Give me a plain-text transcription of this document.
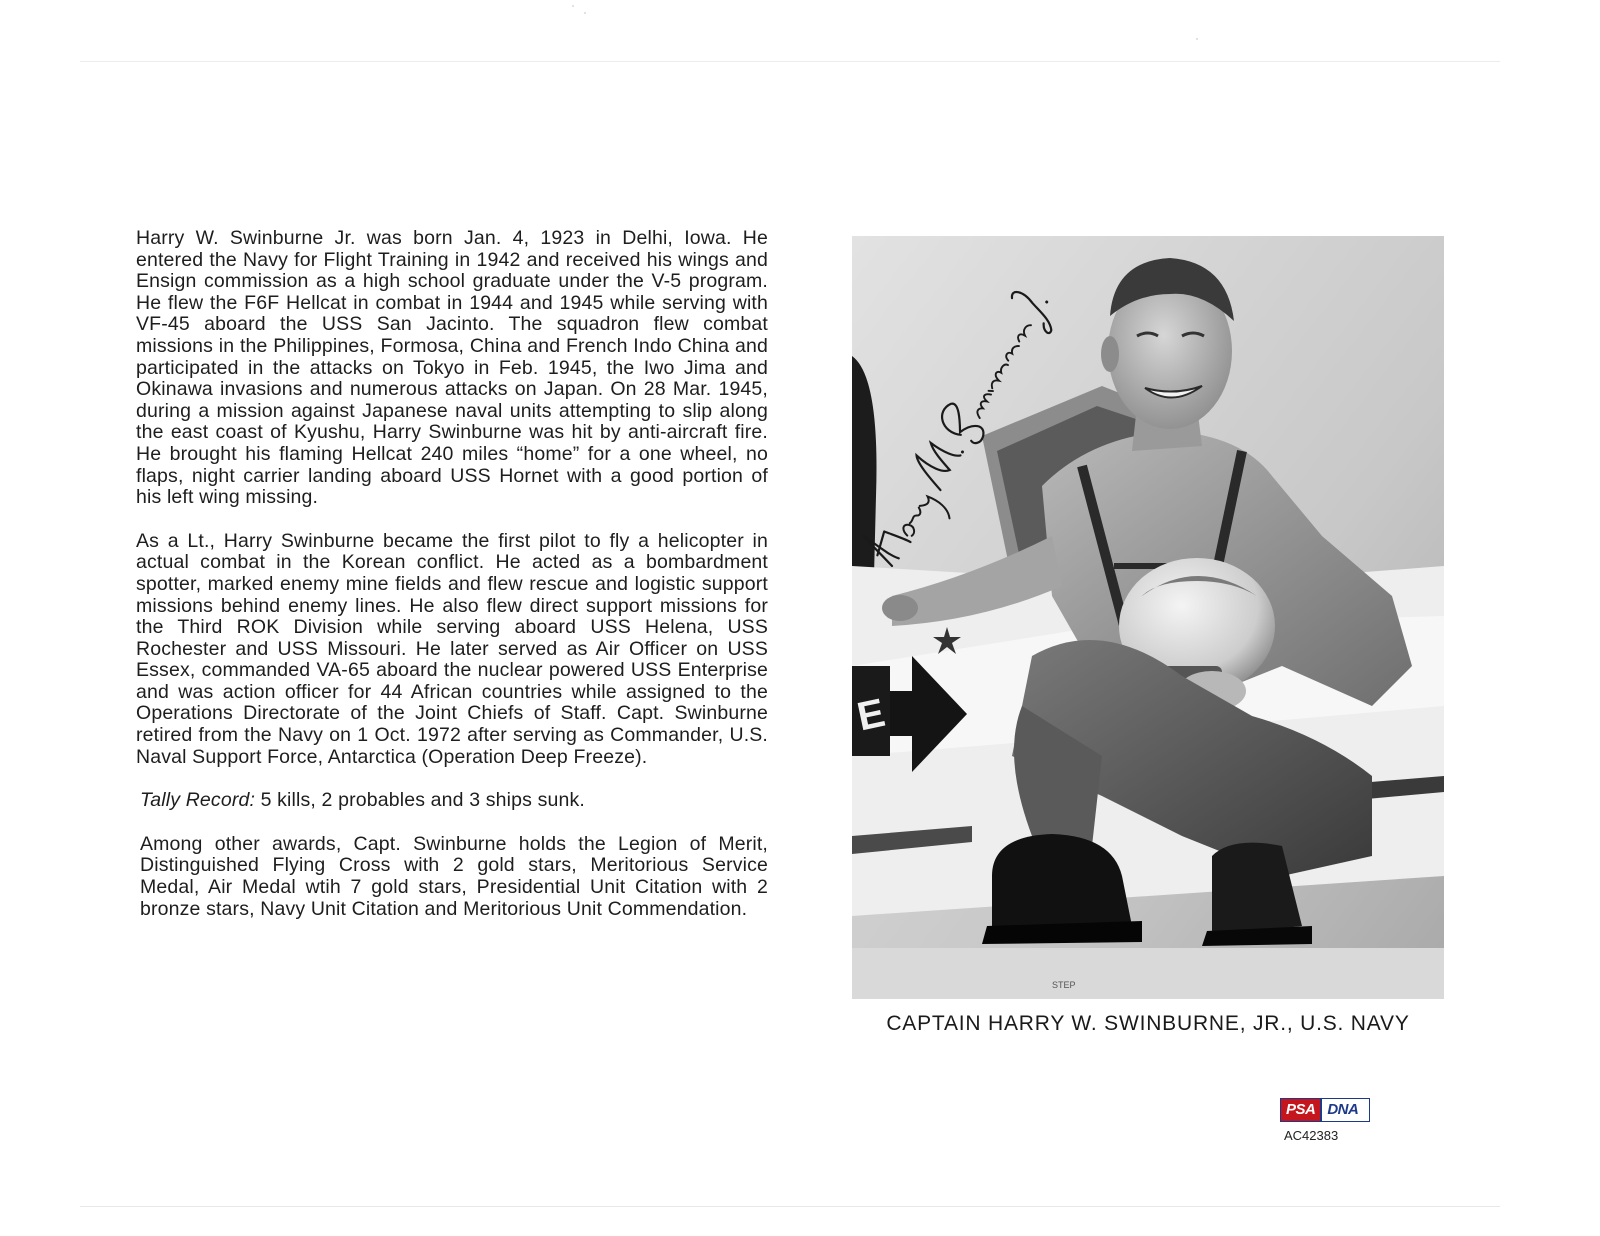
Harry W. Swinburne Jr. was born Jan. 4, 1923 in Delhi, Iowa. He entered the Navy for Flight Training in 1942 and received his wings and Ensign commission as a high school graduate under the V-5 program. He flew the F6F Hellcat in combat in 1944 and 1945 while serving with VF-45 aboard the USS San Jacinto. The squadron flew combat missions in the Philippines, Formosa, China and French Indo China and participated in the attacks on Tokyo in Feb. 1945, the Iwo Jima and Okinawa invasions and numerous attacks on Japan. On 28 Mar. 1945, during a mission against Japanese naval units attempting to slip along the east coast of Kyushu, Harry Swinburne was hit by anti-aircraft fire. He brought his flaming Hellcat 240 miles “home” for a one wheel, no flaps, night carrier landing aboard USS Hornet with a good portion of his left wing missing.

As a Lt., Harry Swinburne became the first pilot to fly a helicopter in actual combat in the Korean conflict. He acted as a bombardment spotter, marked enemy mine fields and flew rescue and logistic support missions behind enemy lines. He also flew direct support missions for the Third ROK Division while serving aboard USS Helena, USS Rochester and USS Missouri. He later served as Air Officer on USS Essex, commanded VA-65 aboard the nuclear powered USS Enterprise and was action officer for 44 African countries while assigned to the Operations Directorate of the Joint Chiefs of Staff. Capt. Swinburne retired from the Navy on 1 Oct. 1972 after serving as Commander, U.S. Naval Support Force, Antarctica (Operation Deep Freeze).

Tally Record: 5 kills, 2 probables and 3 ships sunk.

Among other awards, Capt. Swinburne holds the Legion of Merit, Distinguished Flying Cross with 2 gold stars, Meritorious Service Medal, Air Medal wtih 7 gold stars, Presidential Unit Citation with 2 bronze stars, Navy Unit Citation and Meritorious Unit Commendation.

E
STEP
CAPTAIN HARRY W. SWINBURNE, JR., U.S. NAVY
PSA DNA
AC42383
